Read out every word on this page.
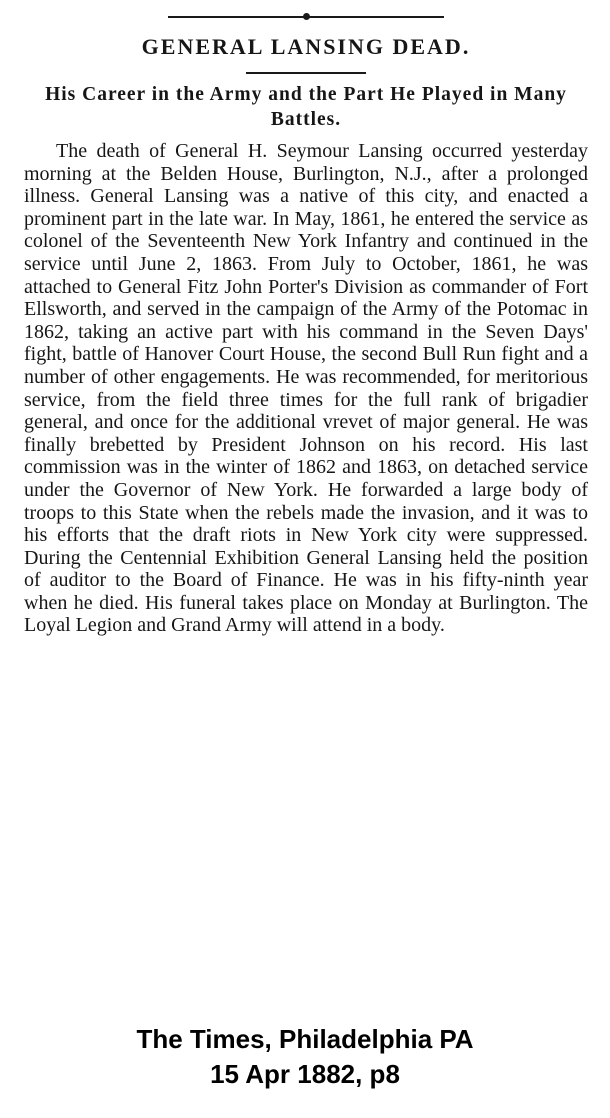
GENERAL LANSING DEAD.
His Career in the Army and the Part He Played in Many Battles.

The death of General H. Seymour Lansing occurred yesterday morning at the Belden House, Burlington, N.J., after a prolonged illness. General Lansing was a native of this city, and enacted a prominent part in the late war. In May, 1861, he entered the service as colonel of the Seventeenth New York Infantry and continued in the service until June 2, 1863. From July to October, 1861, he was attached to General Fitz John Porter's Division as commander of Fort Ellsworth, and served in the campaign of the Army of the Potomac in 1862, taking an active part with his command in the Seven Days' fight, battle of Hanover Court House, the second Bull Run fight and a number of other engagements. He was recommended, for meritorious service, from the field three times for the full rank of brigadier general, and once for the additional vrevet of major general. He was finally brebetted by President Johnson on his record. His last commission was in the winter of 1862 and 1863, on detached service under the Governor of New York. He forwarded a large body of troops to this State when the rebels made the invasion, and it was to his efforts that the draft riots in New York city were suppressed. During the Centennial Exhibition General Lansing held the position of auditor to the Board of Finance. He was in his fifty-ninth year when he died. His funeral takes place on Monday at Burlington. The Loyal Legion and Grand Army will attend in a body.

The Times, Philadelphia PA
15 Apr 1882, p8
